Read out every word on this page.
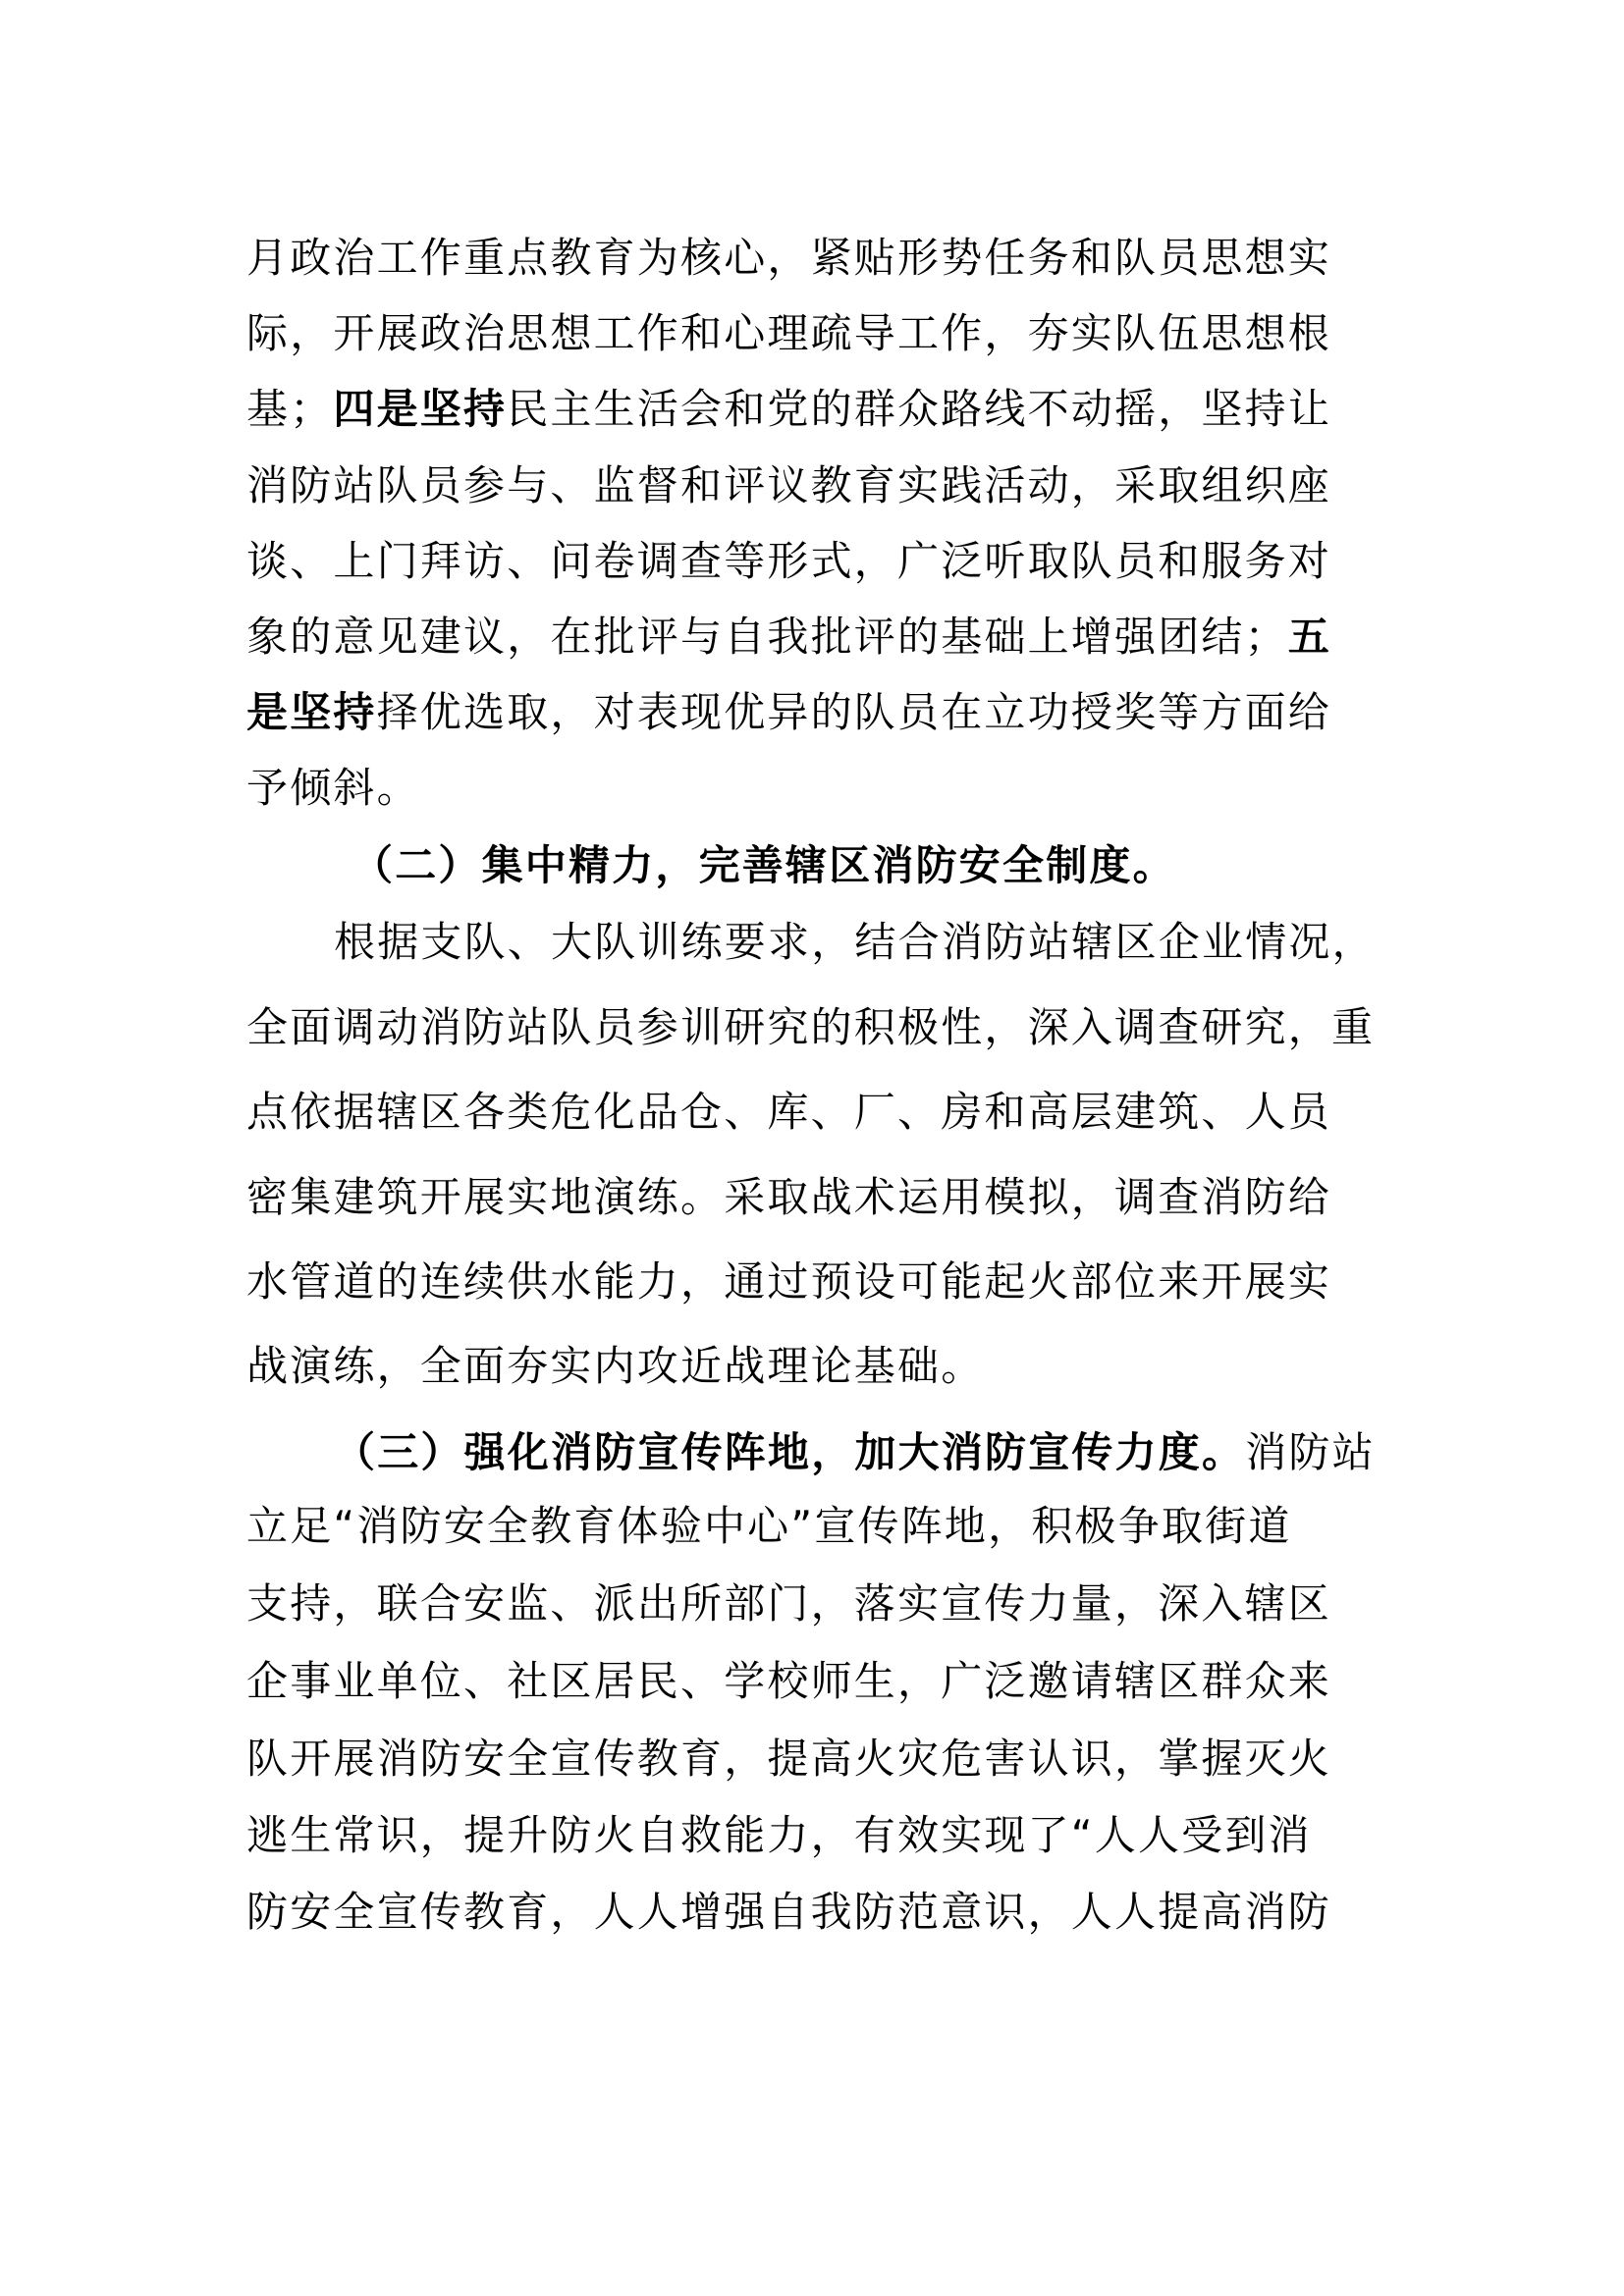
月政治工作重点教育为核心，紧贴形势任务和队员思想实
际，开展政治思想工作和心理疏导工作，夯实队伍思想根
基；四是坚持民主生活会和党的群众路线不动摇，坚持让
消防站队员参与、监督和评议教育实践活动，采取组织座
谈、上门拜访、问卷调查等形式，广泛听取队员和服务对
象的意见建议，在批评与自我批评的基础上增强团结；五
是坚持择优选取，对表现优异的队员在立功授奖等方面给
予倾斜。
（二）集中精力，完善辖区消防安全制度。
根据支队、大队训练要求，结合消防站辖区企业情况，
全面调动消防站队员参训研究的积极性，深入调查研究，重
点依据辖区各类危化品仓、库、厂、房和高层建筑、人员
密集建筑开展实地演练。采取战术运用模拟，调查消防给
水管道的连续供水能力，通过预设可能起火部位来开展实
战演练，全面夯实内攻近战理论基础。
（三）强化消防宣传阵地，加大消防宣传力度。消防站
立足“消防安全教育体验中心”宣传阵地，积极争取街道
支持，联合安监、派出所部门，落实宣传力量，深入辖区
企事业单位、社区居民、学校师生，广泛邀请辖区群众来
队开展消防安全宣传教育，提高火灾危害认识，掌握灭火
逃生常识，提升防火自救能力，有效实现了“人人受到消
防安全宣传教育，人人增强自我防范意识，人人提高消防
